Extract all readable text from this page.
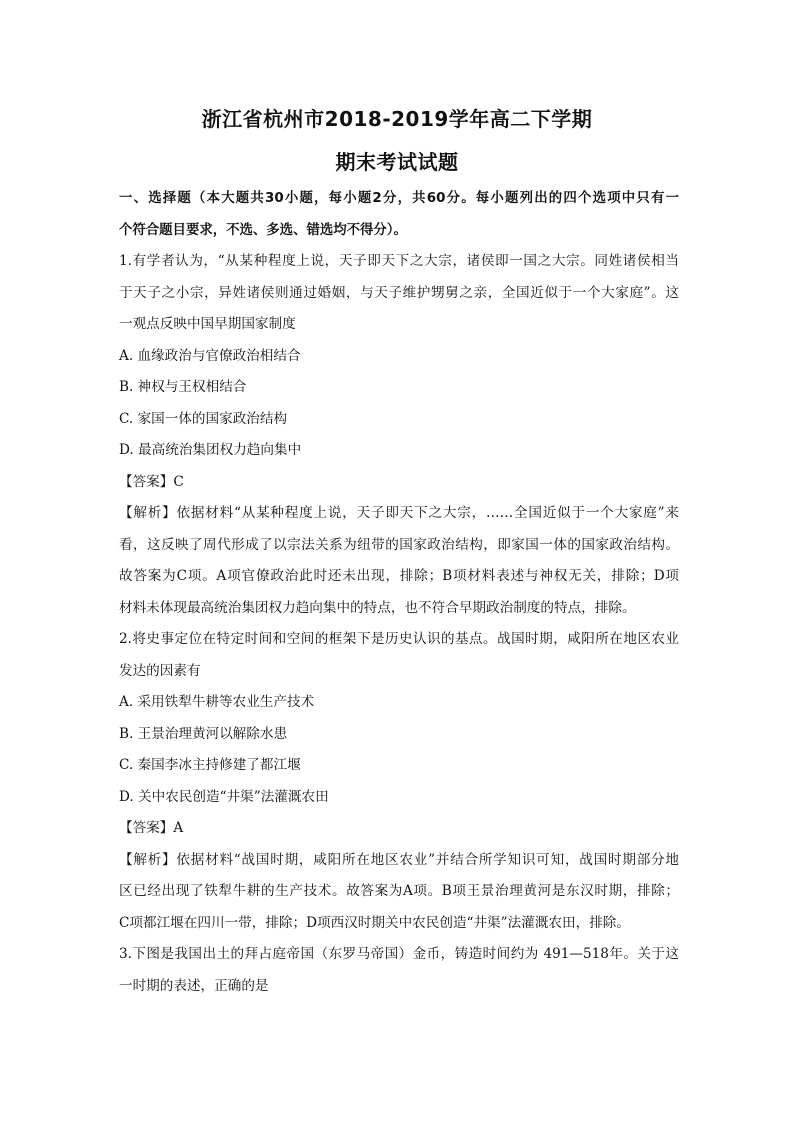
浙江省杭州市2018-2019学年高二下学期
期末考试试题
一、选择题（本大题共30小题，每小题2分，共60分。每小题列出的四个选项中只有一
个符合题目要求，不选、多选、错选均不得分）。
1.有学者认为，“从某种程度上说，天子即天下之大宗，诸侯即一国之大宗。同姓诸侯相当
于天子之小宗，异姓诸侯则通过婚姻，与天子维护甥舅之亲，全国近似于一个大家庭”。这
一观点反映中国早期国家制度
A. 血缘政治与官僚政治相结合
B. 神权与王权相结合
C. 家国一体的国家政治结构
D. 最高统治集团权力趋向集中
【答案】C
【解析】依据材料“从某种程度上说，天子即天下之大宗，……全国近似于一个大家庭”来
看，这反映了周代形成了以宗法关系为纽带的国家政治结构，即家国一体的国家政治结构。
故答案为C项。A项官僚政治此时还未出现，排除；B项材料表述与神权无关，排除；D项
材料未体现最高统治集团权力趋向集中的特点，也不符合早期政治制度的特点，排除。
2.将史事定位在特定时间和空间的框架下是历史认识的基点。战国时期，咸阳所在地区农业
发达的因素有
A. 采用铁犁牛耕等农业生产技术
B. 王景治理黄河以解除水患
C. 秦国李冰主持修建了都江堰
D. 关中农民创造“井渠”法灌溉农田
【答案】A
【解析】依据材料“战国时期，咸阳所在地区农业”并结合所学知识可知，战国时期部分地
区已经出现了铁犁牛耕的生产技术。故答案为A项。B项王景治理黄河是东汉时期，排除；
C项都江堰在四川一带，排除；D项西汉时期关中农民创造“井渠”法灌溉农田，排除。
3.下图是我国出土的拜占庭帝国（东罗马帝国）金币，铸造时间约为 491—518年。关于这
一时期的表述，正确的是
